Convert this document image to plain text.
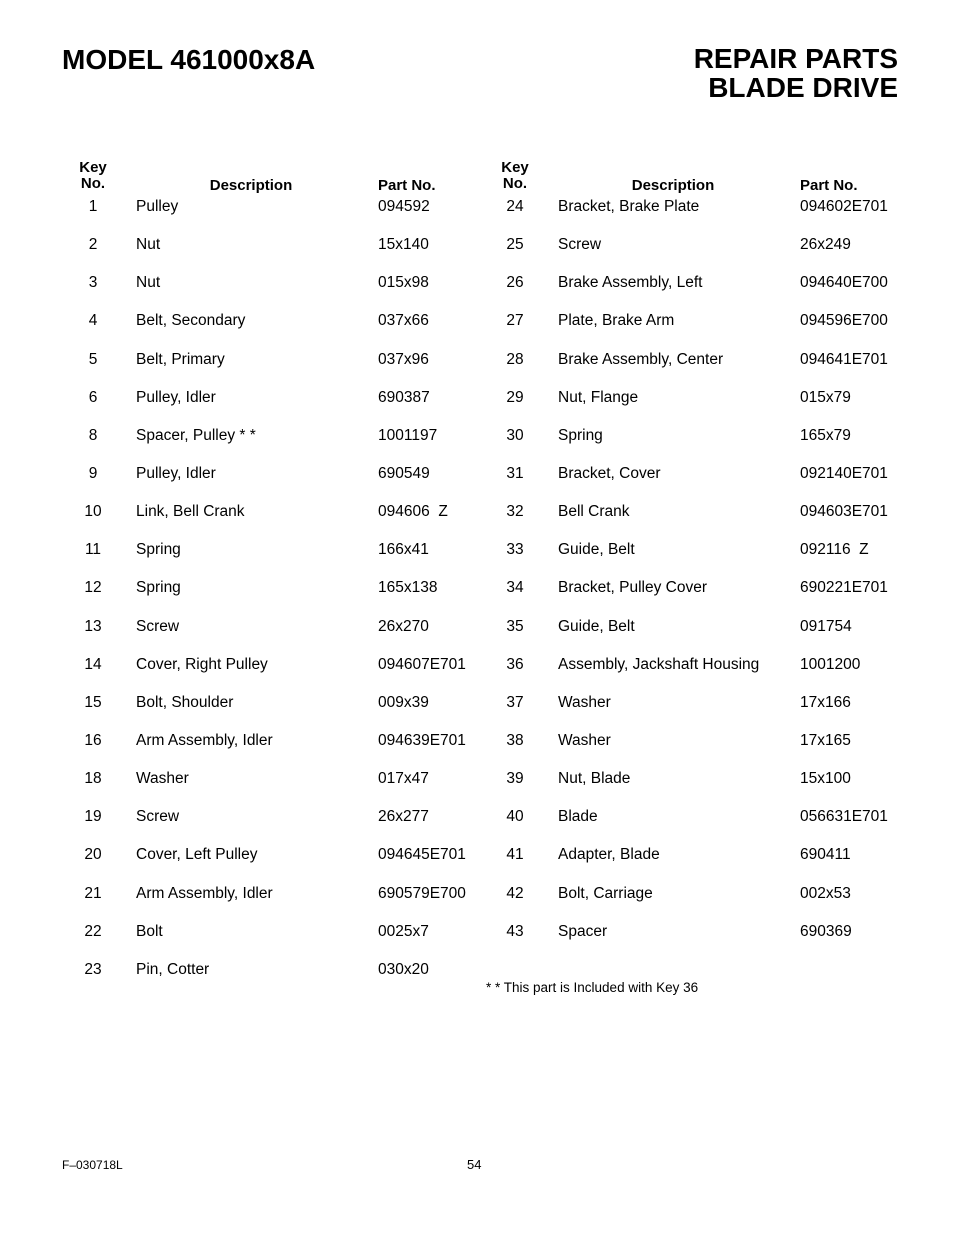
MODEL 461000x8A	REPAIR PARTS
BLADE DRIVE
Key
No.	Description	Part No.
1	Pulley	094592
2	Nut	15x140
3	Nut	015x98
4	Belt, Secondary	037x66
5	Belt, Primary	037x96
6	Pulley, Idler	690387
8	Spacer, Pulley * *	1001197
9	Pulley, Idler	690549
10	Link, Bell Crank	094606  Z
11	Spring	166x41
12	Spring	165x138
13	Screw	26x270
14	Cover, Right Pulley	094607E701
15	Bolt, Shoulder	009x39
16	Arm Assembly, Idler	094639E701
18	Washer	017x47
19	Screw	26x277
20	Cover, Left Pulley	094645E701
21	Arm Assembly, Idler	690579E700
22	Bolt	0025x7
23	Pin, Cotter	030x20
Key
No.	Description	Part No.
24	Bracket, Brake Plate	094602E701
25	Screw	26x249
26	Brake Assembly, Left	094640E700
27	Plate, Brake Arm	094596E700
28	Brake Assembly, Center	094641E701
29	Nut, Flange	015x79
30	Spring	165x79
31	Bracket, Cover	092140E701
32	Bell Crank	094603E701
33	Guide, Belt	092116  Z
34	Bracket, Pulley Cover	690221E701
35	Guide, Belt	091754
36	Assembly, Jackshaft Housing	1001200
37	Washer	17x166
38	Washer	17x165
39	Nut, Blade	15x100
40	Blade	056631E701
41	Adapter, Blade	690411
42	Bolt, Carriage	002x53
43	Spacer	690369
* * This part is Included with Key 36
F–030718L	54
